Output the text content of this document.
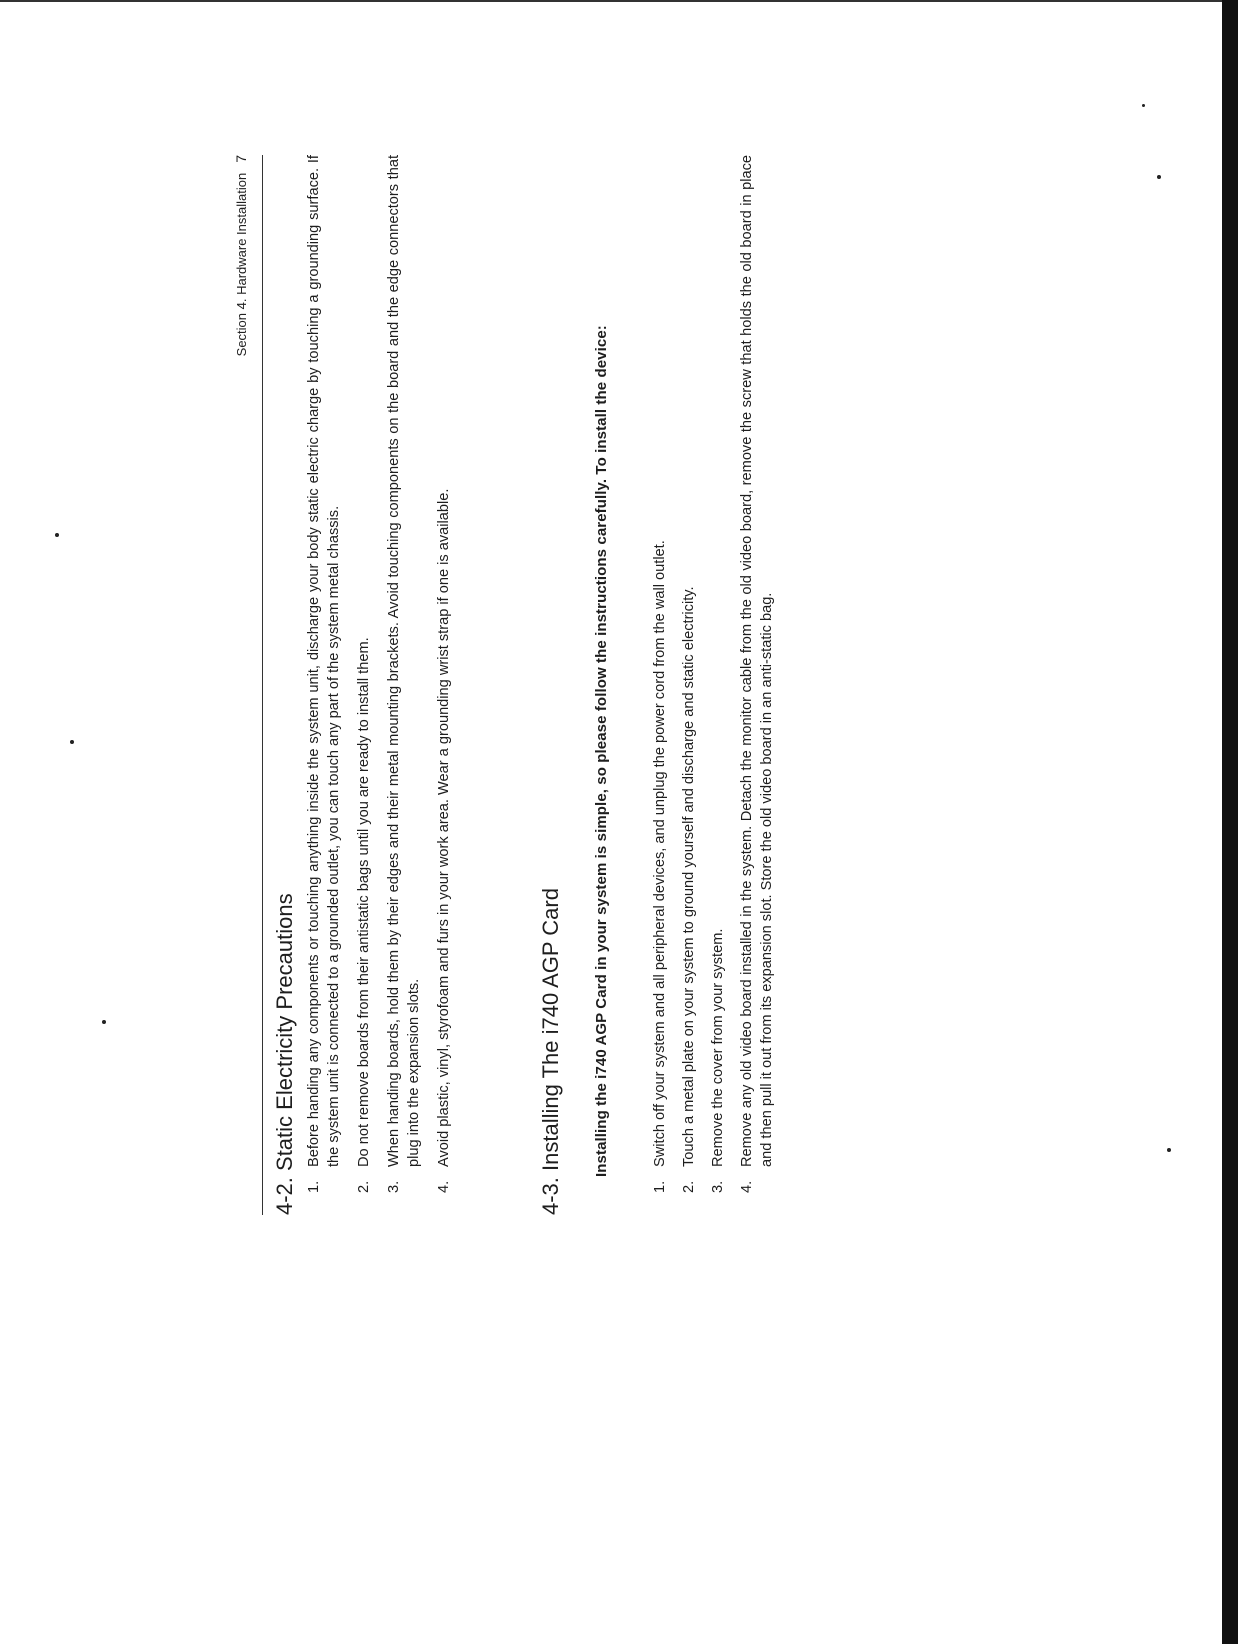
Section 4. Hardware Installation7
4-2. Static Electricity Precautions 1.
Before handing any components or touching anything inside the system unit, discharge your body static electric charge by touching a grounding surface. If the system unit is connected to a grounded outlet, you can touch any part of the system metal chassis.
2.
Do not remove boards from their antistatic bags until you are ready to install them.
3.
When handing boards, hold them by their edges and their metal mounting brackets. Avoid touching components on the board and the edge connectors that plug into the expansion slots.
4.
Avoid plastic, vinyl, styrofoam and furs in your work area. Wear a grounding wrist strap if one is available.	4-3. Installing The i740 AGP Card Installing the i740 AGP Card in your system is simple, so please follow the instructions carefully. To install the device:
1.
Switch off your system and all peripheral devices, and unplug the power cord from the wall outlet.
2.
Touch a metal plate on your system to ground yourself and discharge and static electricity.
3.
Remove the cover from your system.
4.
Remove any old video board installed in the system. Detach the monitor cable from the old video board, remove the screw that holds the old board in place and then pull it out from its expansion slot. Store the old video board in an anti-static bag.
